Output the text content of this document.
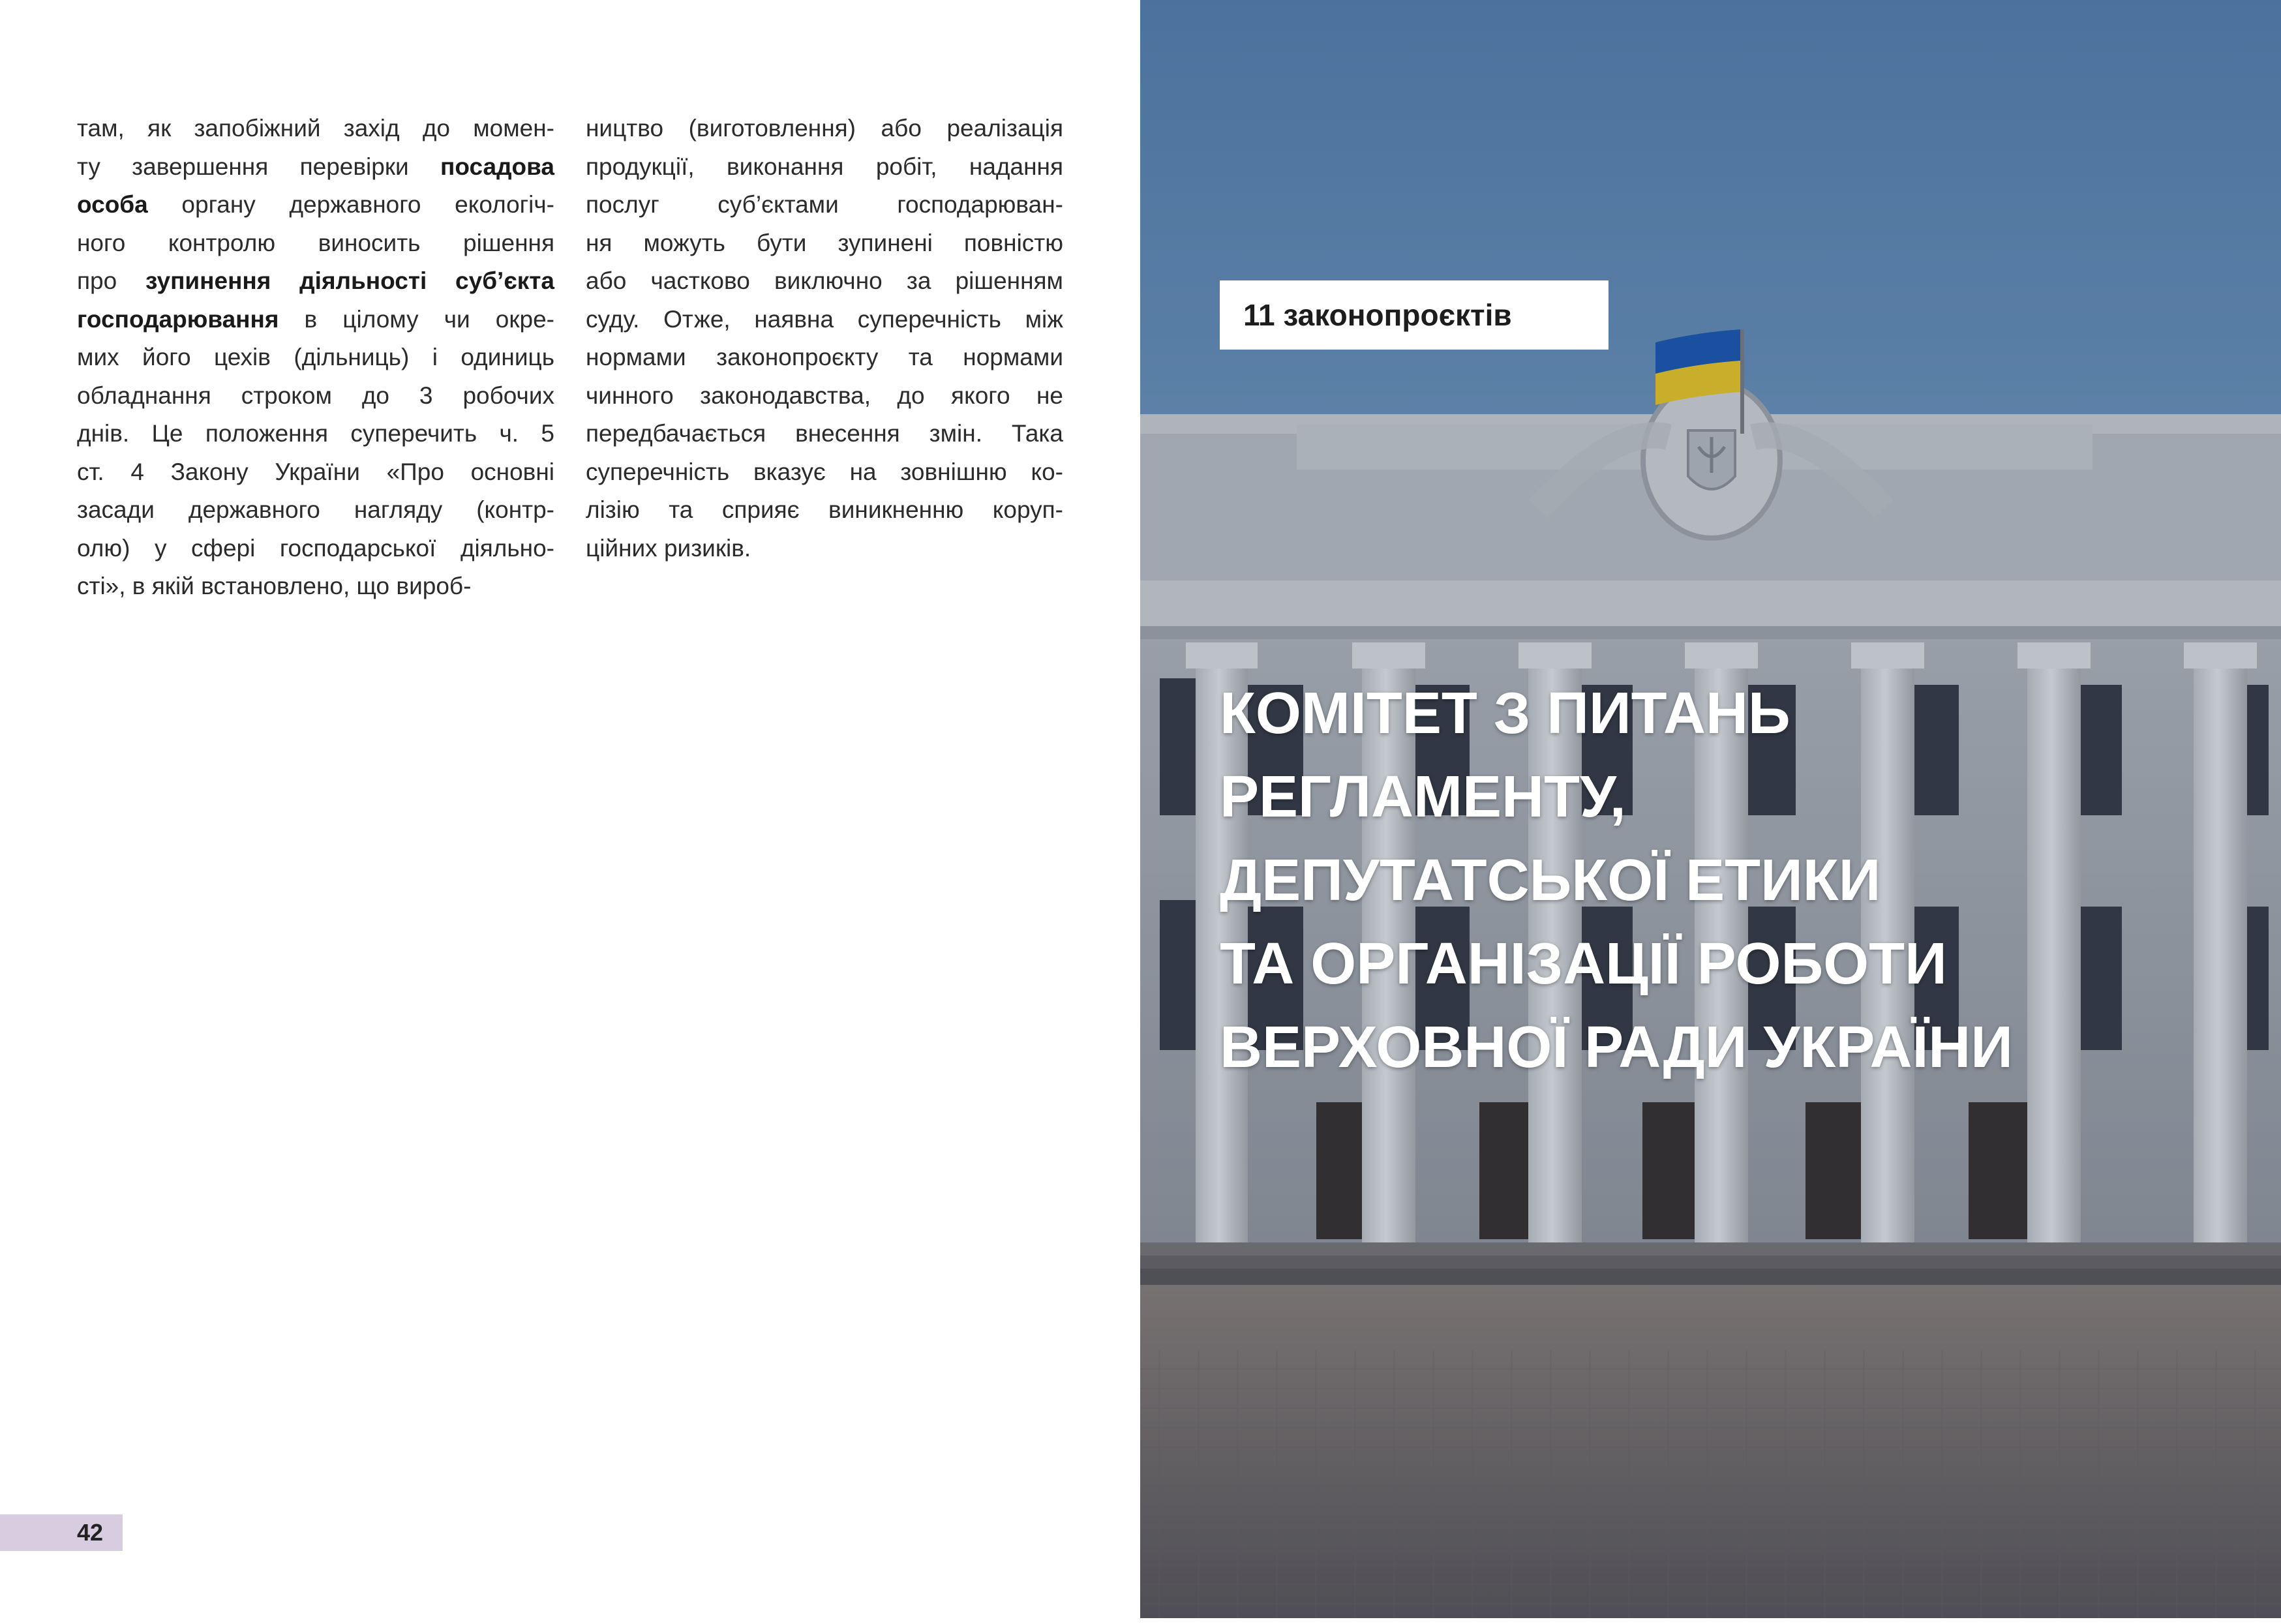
там, як запобіжний захід до момен-
ту завершення перевірки посадова
особа органу державного екологіч-
ного контролю виносить рішення
про зупинення діяльності суб’єкта
господарювання в цілому чи окре-
мих його цехів (дільниць) і одиниць
обладнання строком до 3 робочих
днів. Це положення суперечить ч. 5
ст. 4 Закону України «Про основні
засади державного нагляду (контр-
олю) у сфері господарської діяльно-
сті», в якій встановлено, що вироб-
ництво (виготовлення) або реалізація
продукції, виконання робіт, надання
послуг суб’єктами господарюван-
ня можуть бути зупинені повністю
або частково виключно за рішенням
суду. Отже, наявна суперечність між
нормами законопроєкту та нормами
чинного законодавства, до якого не
передбачається внесення змін. Така
суперечність вказує на зовнішню ко-
лізію та сприяє виникненню коруп-
ційних ризиків.
42
11 законопроєктів
КОМІТЕТ З ПИТАНЬ
РЕГЛАМЕНТУ,
ДЕПУТАТСЬКОЇ ЕТИКИ
ТА ОРГАНІЗАЦІЇ РОБОТИ
ВЕРХОВНОЇ РАДИ УКРАЇНИ
